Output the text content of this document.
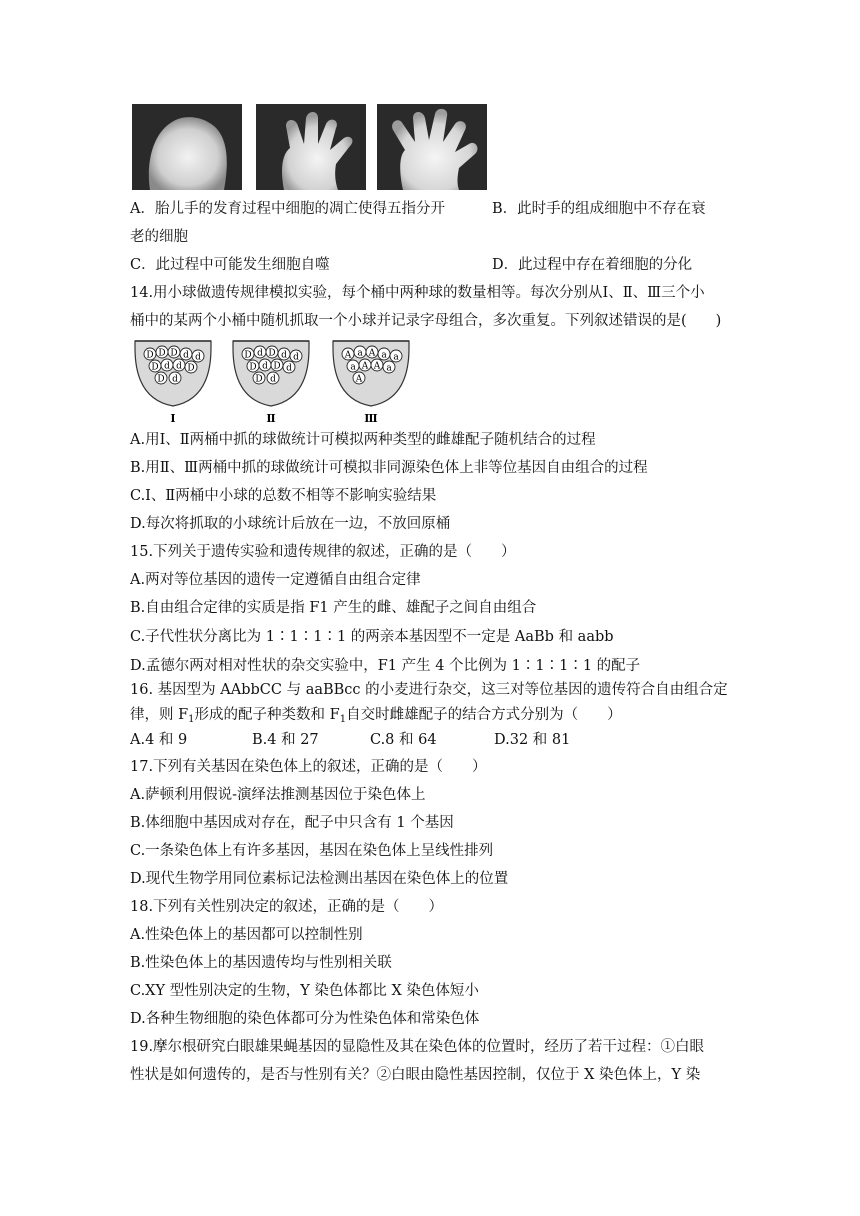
A．胎儿手的发育过程中细胞的凋亡使得五指分开	B．此时手的组成细胞中不存在衰
老的细胞
C．此过程中可能发生细胞自噬	D．此过程中存在着细胞的分化
14.用小球做遗传规律模拟实验，每个桶中两种球的数量相等。每次分别从Ⅰ、Ⅱ、Ⅲ三个小
桶中的某两个小桶中随机抓取一个小球并记录字母组合，多次重复。下列叙述错误的是(　　)
D D D d d
D d d D
D d
Ⅰ
D d D d d
D d D d
D d
Ⅱ
A a A a a
a A A a
A
Ⅲ
A.用Ⅰ、Ⅱ两桶中抓的球做统计可模拟两种类型的雌雄配子随机结合的过程
B.用Ⅱ、Ⅲ两桶中抓的球做统计可模拟非同源染色体上非等位基因自由组合的过程
C.Ⅰ、Ⅱ两桶中小球的总数不相等不影响实验结果
D.每次将抓取的小球统计后放在一边，不放回原桶
15.下列关于遗传实验和遗传规律的叙述，正确的是（　　）
A.两对等位基因的遗传一定遵循自由组合定律
B.自由组合定律的实质是指 F1 产生的雌、雄配子之间自由组合
C.子代性状分离比为 1∶1∶1∶1 的两亲本基因型不一定是 AaBb 和 aabb
D.孟德尔两对相对性状的杂交实验中，F1 产生 4 个比例为 1∶1∶1∶1 的配子
16. 基因型为 AAbbCC 与 aaBBcc 的小麦进行杂交，这三对等位基因的遗传符合自由组合定
律，则 $F_1$形成的配子种类数和 $F_1$自交时雌雄配子的结合方式分别为（　　）
A.4 和 9	B.4 和 27	C.8 和 64	D.32 和 81
17.下列有关基因在染色体上的叙述，正确的是（　　）
A.萨顿利用假说-演绎法推测基因位于染色体上
B.体细胞中基因成对存在，配子中只含有 1 个基因
C.一条染色体上有许多基因，基因在染色体上呈线性排列
D.现代生物学用同位素标记法检测出基因在染色体上的位置
18.下列有关性别决定的叙述，正确的是（　　）
A.性染色体上的基因都可以控制性别
B.性染色体上的基因遗传均与性别相关联
C.XY 型性别决定的生物，Y 染色体都比 X 染色体短小
D.各种生物细胞的染色体都可分为性染色体和常染色体
19.摩尔根研究白眼雄果蝇基因的显隐性及其在染色体的位置时，经历了若干过程：①白眼
性状是如何遗传的，是否与性别有关？②白眼由隐性基因控制，仅位于 X 染色体上，Y 染
